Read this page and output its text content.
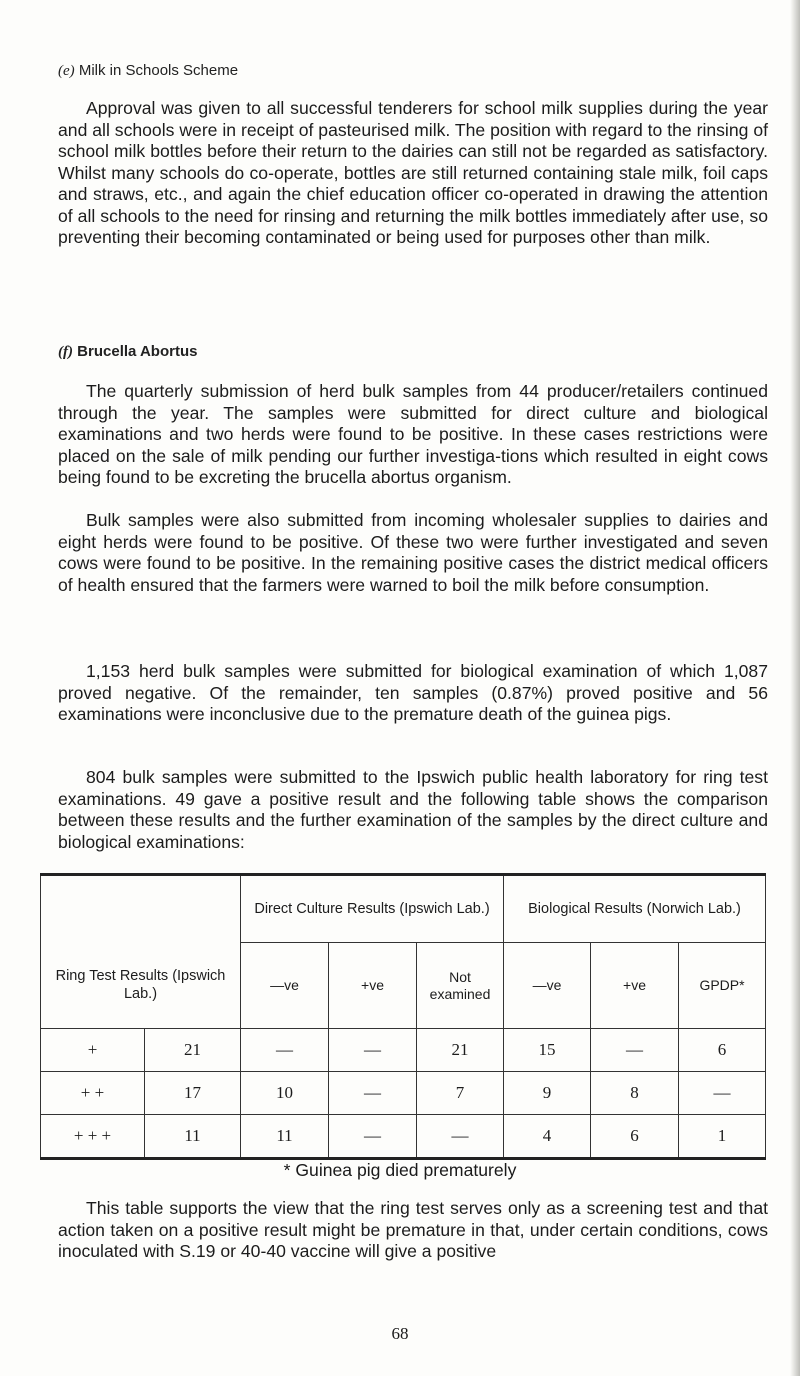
(e) Milk in Schools Scheme

Approval was given to all successful tenderers for school milk supplies during the year and all schools were in receipt of pasteurised milk. The position with regard to the rinsing of school milk bottles before their return to the dairies can still not be regarded as satisfactory. Whilst many schools do co-operate, bottles are still returned containing stale milk, foil caps and straws, etc., and again the chief education officer co-operated in drawing the attention of all schools to the need for rinsing and returning the milk bottles immediately after use, so preventing their becoming contaminated or being used for purposes other than milk.

(f) Brucella Abortus

The quarterly submission of herd bulk samples from 44 producer/retailers continued through the year. The samples were submitted for direct culture and biological examinations and two herds were found to be positive. In these cases restrictions were placed on the sale of milk pending our further investiga-tions which resulted in eight cows being found to be excreting the brucella abortus organism.

Bulk samples were also submitted from incoming wholesaler supplies to dairies and eight herds were found to be positive. Of these two were further investigated and seven cows were found to be positive. In the remaining positive cases the district medical officers of health ensured that the farmers were warned to boil the milk before consumption.

1,153 herd bulk samples were submitted for biological examination of which 1,087 proved negative. Of the remainder, ten samples (0.87%) proved positive and 56 examinations were inconclusive due to the premature death of the guinea pigs.

804 bulk samples were submitted to the Ipswich public health laboratory for ring test examinations. 49 gave a positive result and the following table shows the comparison between these results and the further examination of the samples by the direct culture and biological examinations:

		Direct Culture Results (Ipswich Lab.)			Biological Results (Norwich Lab.)		
Ring Test Results (Ipswich Lab.)		—ve	+ve	Not examined	—ve	+ve	GPDP*
+	21	—	—	21	15	—	6
+ +	17	10	—	7	9	8	—
+ + +	11	11	—	—	4	6	1
* Guinea pig died prematurely

This table supports the view that the ring test serves only as a screening test and that action taken on a positive result might be premature in that, under certain conditions, cows inoculated with S.19 or 40-40 vaccine will give a positive

68
